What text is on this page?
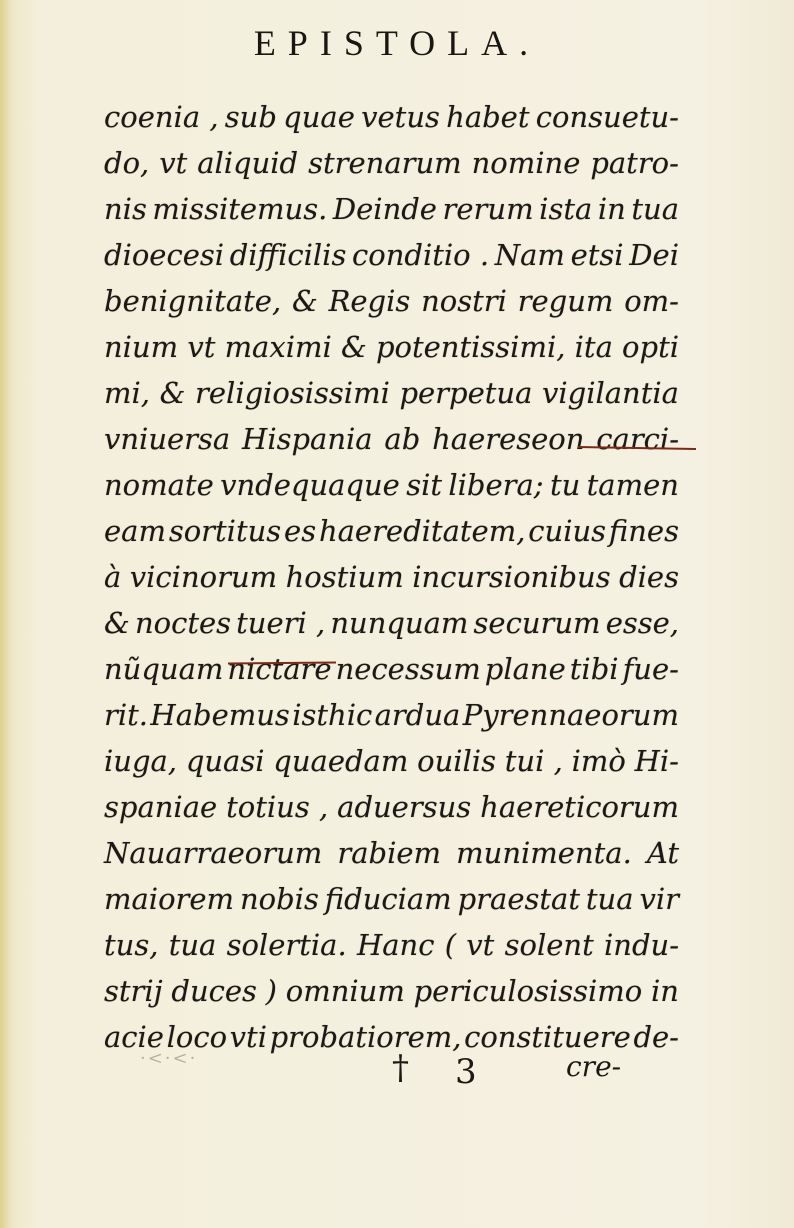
EPISTOLA.
coenia , sub quae vetus habet consuetu-
do, vt aliquid strenarum nomine patro-
nis missitemus. Deinde rerum ista in tua
dioecesi difficilis conditio . Nam etsi Dei
benignitate, & Regis nostri regum om-
nium vt maximi & potentissimi, ita opti
mi, & religiosissimi perpetua vigilantia
vniuersa Hispania ab haereseon carci-
nomate vndequaque sit libera; tu tamen
eam sortitus es haereditatem, cuius fines
à vicinorum hostium incursionibus dies
& noctes tueri , nunquam securum esse,
nũquam nictare necessum plane tibi fue-
rit. Habemus isthic ardua Pyrennaeorum
iuga, quasi quaedam ouilis tui , imò Hi-
spaniae totius , aduersus haereticorum
Nauarraeorum rabiem munimenta. At
maiorem nobis fiduciam praestat tua vir
tus, tua solertia. Hanc ( vt solent indu-
strij duces ) omnium periculosissimo in
acie loco vti probatiorem, constituere de-
·<·<·	† 3	cre-
